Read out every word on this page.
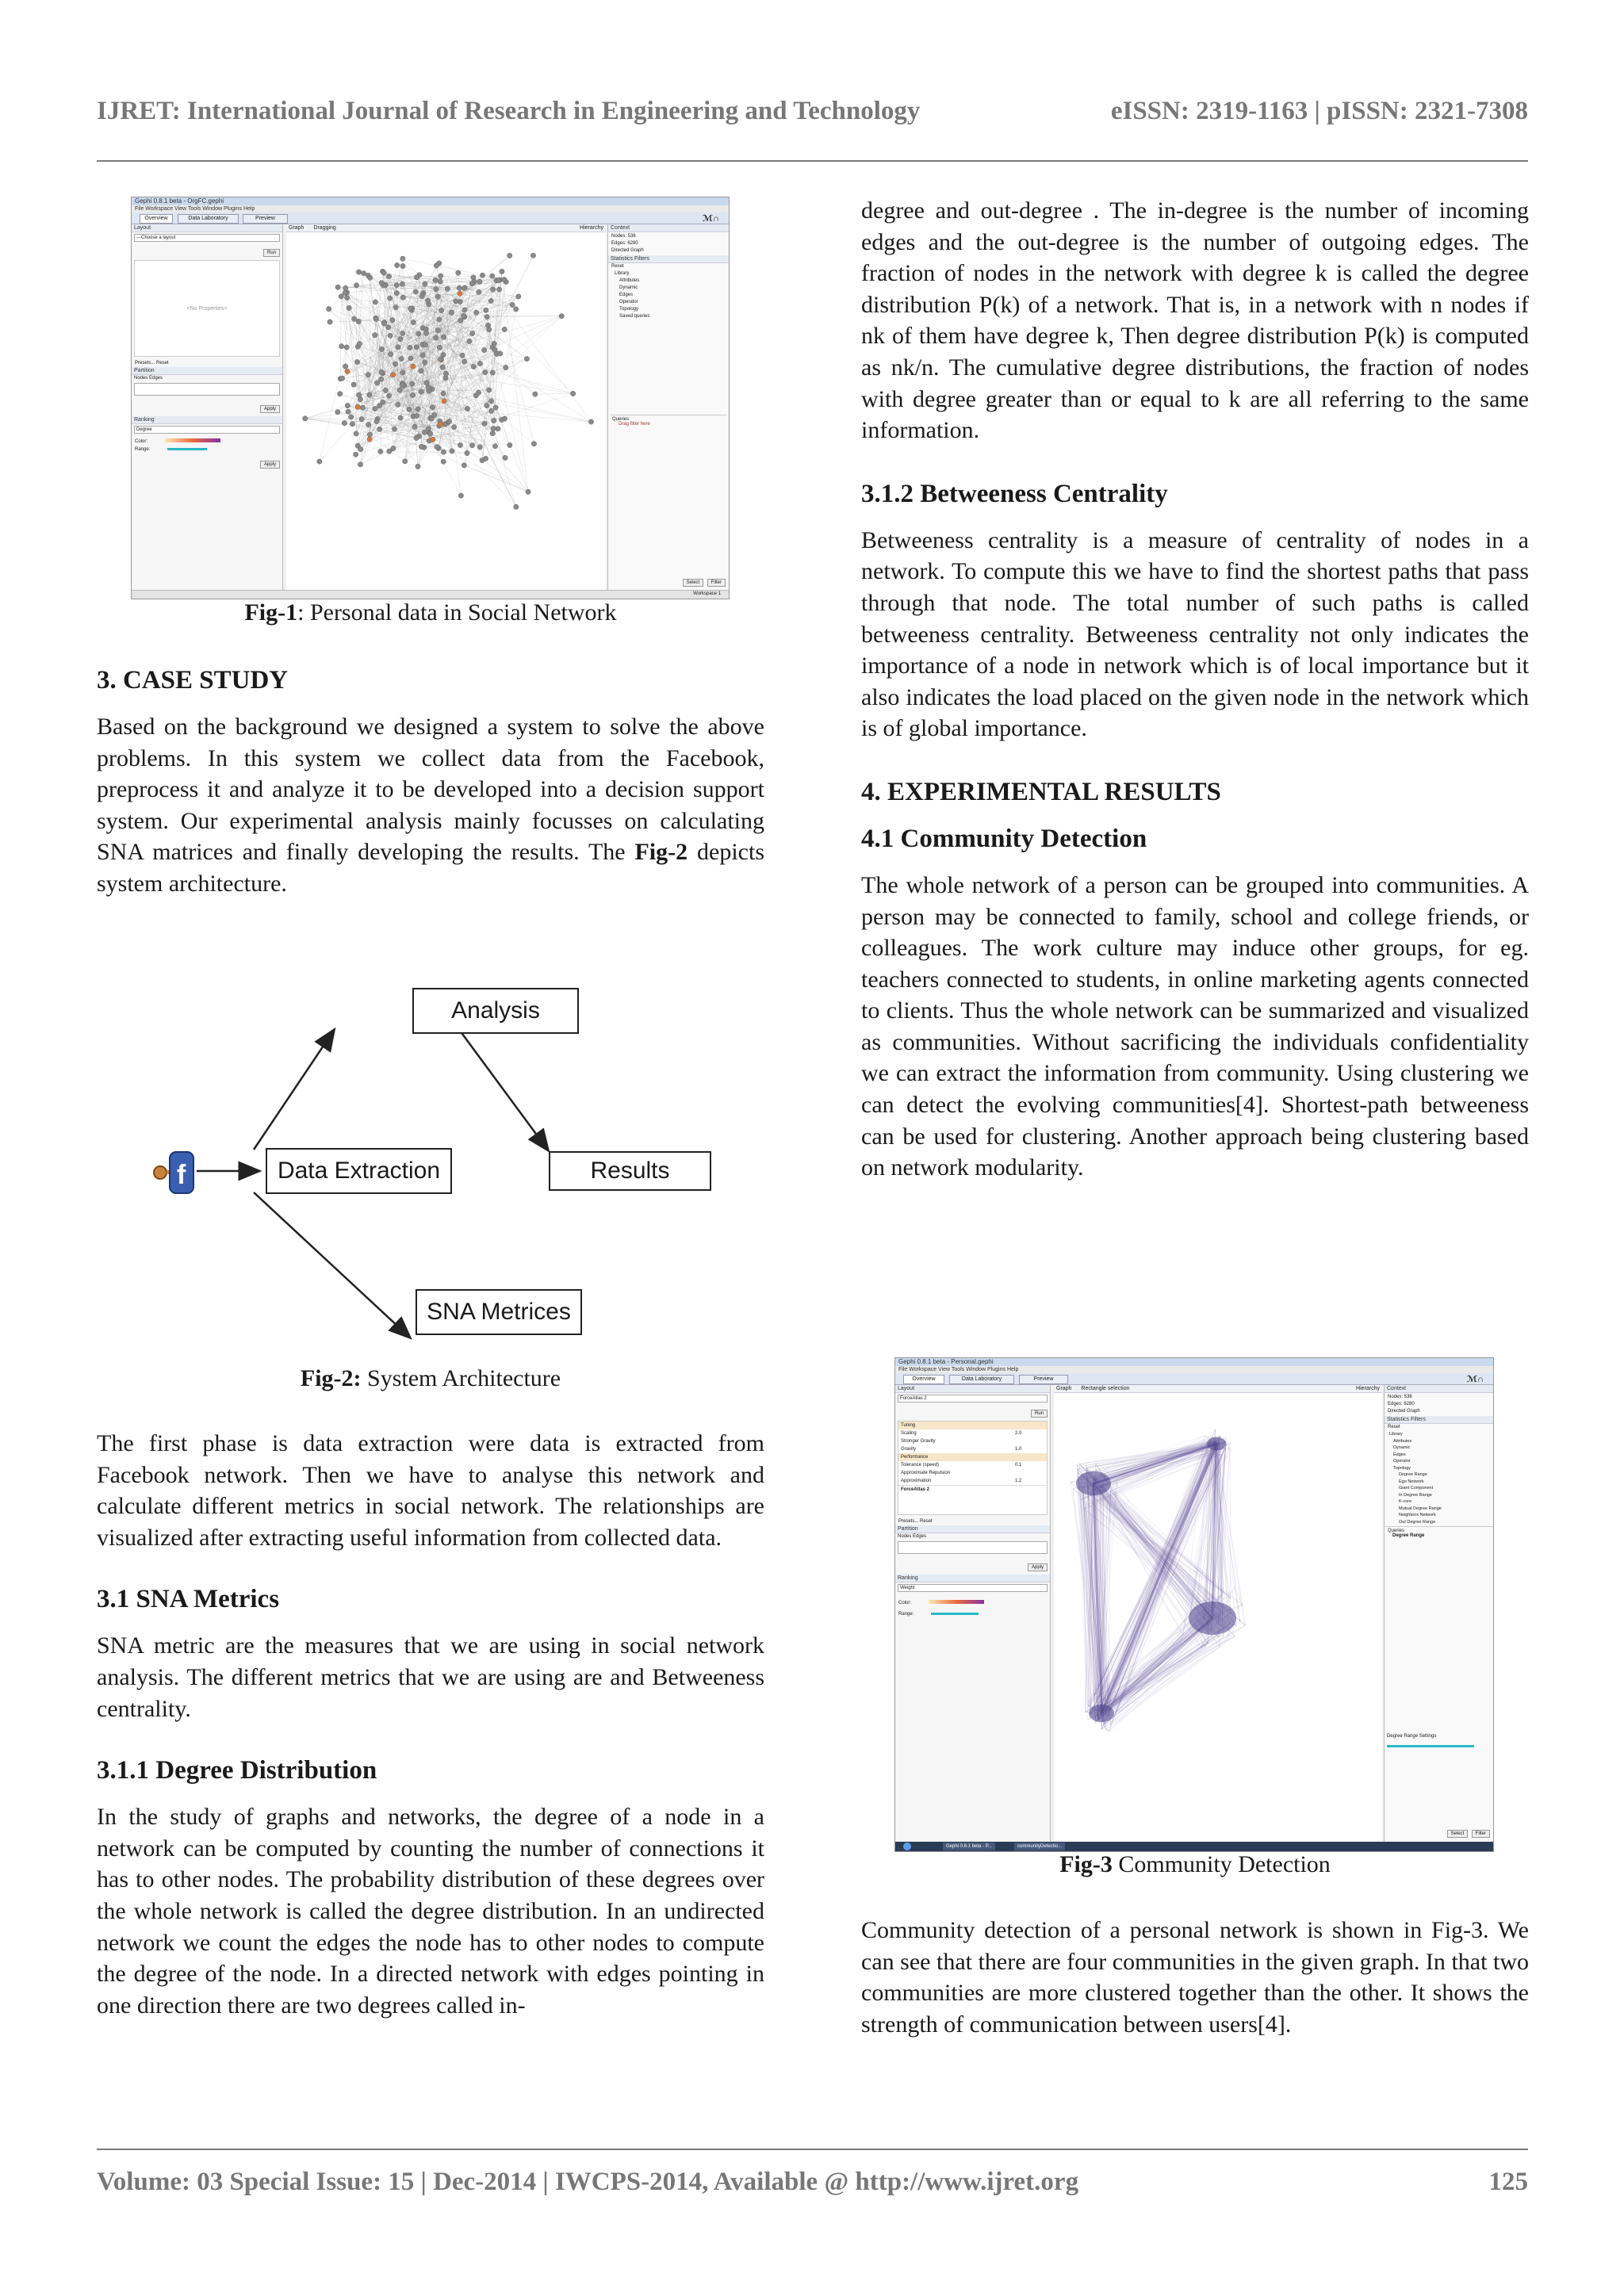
IJRET: International Journal of Research in Engineering and Technology	eISSN: 2319-1163 | pISSN: 2321-7308
Gephi 0.8.1 beta - OrgFC.gephi
File Workspace View Tools Window Plugins Help
Overview	Data Laboratory	Preview	ℳ∩
Layout
---Choose a layout
Run
<No Properties>
Presets... Reset
Partition
Nodes Edges
Apply
Ranking
Degree
Color:
Range:
Apply
Graph Dragging	Hierarchy	Context
Nodes: 536
Edges: 6280
Directed Graph
Statistics Filters
Reset
Library
Attributes
Dynamic
Edges
Operator
Topology
Saved queries
Queries
Drag filter here
Select Filter
Workspace 1
Fig-1: Personal data in Social Network
3. CASE STUDY

Based on the background we designed a system to solve the above problems. In this system we collect data from the Facebook, preprocess it and analyze it to be developed into a decision support system. Our experimental analysis mainly focusses on calculating SNA matrices and finally developing the results. The Fig-2 depicts system architecture.

Analysis
Data Extraction	Results
SNA Metrices
f
Fig-2: System Architecture

The first phase is data extraction were data is extracted from Facebook network. Then we have to analyse this network and calculate different metrics in social network. The relationships are visualized after extracting useful information from collected data.

3.1 SNA Metrics

SNA metric are the measures that we are using in social network analysis. The different metrics that we are using are and Betweeness centrality.

3.1.1 Degree Distribution

In the study of graphs and networks, the degree of a node in a network can be computed by counting the number of connections it has to other nodes. The probability distribution of these degrees over the whole network is called the degree distribution. In an undirected network we count the edges the node has to other nodes to compute the degree of the node. In a directed network with edges pointing in one direction there are two degrees called in-

degree and out-degree . The in-degree is the number of incoming edges and the out-degree is the number of outgoing edges. The fraction of nodes in the network with degree k is called the degree distribution P(k) of a network. That is, in a network with n nodes if nk of them have degree k, Then degree distribution P(k) is computed as nk/n. The cumulative degree distributions, the fraction of nodes with degree greater than or equal to k are all referring to the same information.

3.1.2 Betweeness Centrality

Betweeness centrality is a measure of centrality of nodes in a network. To compute this we have to find the shortest paths that pass through that node. The total number of such paths is called betweeness centrality. Betweeness centrality not only indicates the importance of a node in network which is of local importance but it also indicates the load placed on the given node in the network which is of global importance.

4. EXPERIMENTAL RESULTS
4.1 Community Detection

The whole network of a person can be grouped into communities. A person may be connected to family, school and college friends, or colleagues. The work culture may induce other groups, for eg. teachers connected to students, in online marketing agents connected to clients. Thus the whole network can be summarized and visualized as communities. Without sacrificing the individuals confidentiality we can extract the information from community. Using clustering we can detect the evolving communities[4]. Shortest-path betweeness can be used for clustering. Another approach being clustering based on network modularity.

Gephi 0.8.1 beta - Personal.gephi
File Workspace View Tools Window Plugins Help
Overview	Data Laboratory	Preview	ℳ∩
Layout
ForceAtlas 2
Run
Tuning
Scaling	2.0
Stronger Gravity
Gravity	1.0
Performance
Tolerance (speed)	0.1
Approximate Repulsion
Approximation	1.2
ForceAtlas 2
Presets... Reset
Partition
Nodes Edges
Apply
Ranking
Weight
Color:
Range:
Graph Rectangle selection	Hierarchy	Context
Nodes: 536
Edges: 6280
Directed Graph
Statistics Filters
Reset
Library
Attributes
Dynamic
Edges
Operator
Topology
Degree Range
Ego Network
Giant Component
In Degree Range
K-core
Mutual Degree Range
Neighbors Network
Out Degree Range
Queries
Degree Range
Degree Range Settings
Select Filter
Gephi 0.8.1 beta - P...	communityDetectio...
Fig-3 Community Detection

Community detection of a personal network is shown in Fig-3. We can see that there are four communities in the given graph. In that two communities are more clustered together than the other. It shows the strength of communication between users[4].

Volume: 03 Special Issue: 15 | Dec-2014 | IWCPS-2014, Available @ http://www.ijret.org	125
